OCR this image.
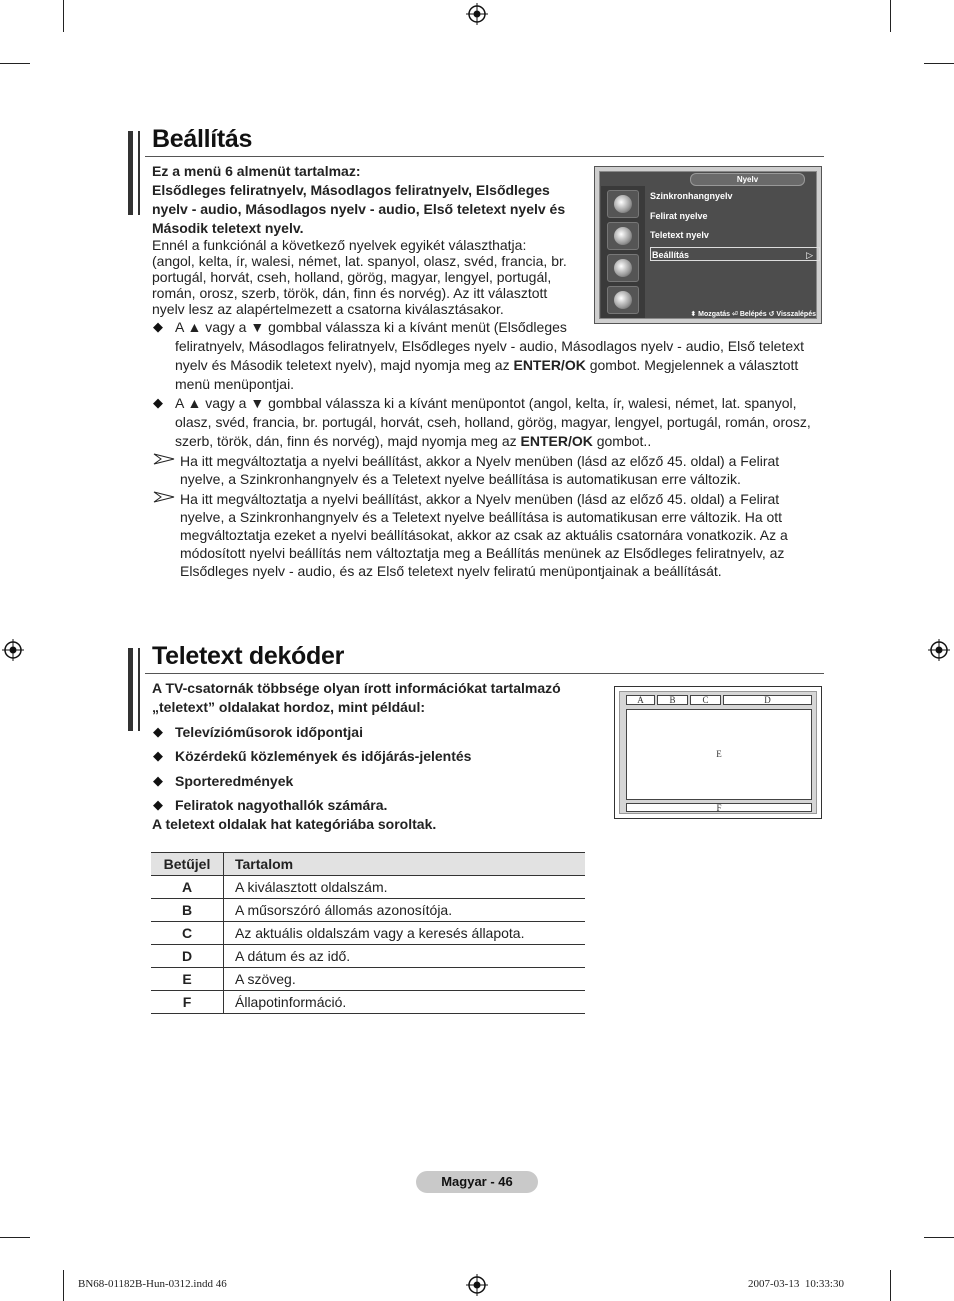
Beállítás
Ez a menü 6 almenüt tartalmaz:
Elsődleges feliratnyelv, Másodlagos feliratnyelv, Elsődleges
nyelv - audio, Másodlagos nyelv - audio, Első teletext nyelv és
Második teletext nyelv.
Ennél a funkciónál a következő nyelvek egyikét választhatja:
(angol, kelta, ír, walesi, német, lat. spanyol, olasz, svéd, francia, br.
portugál, horvát, cseh, holland, görög, magyar, lengyel, portugál,
román, orosz, szerb, török, dán, finn és norvég). Az itt választott
nyelv lesz az alapértelmezett a csatorna kiválasztásakor.
◆ A ▲ vagy a ▼ gombbal válassza ki a kívánt menüt (Elsődleges
feliratnyelv, Másodlagos feliratnyelv, Elsődleges nyelv - audio, Másodlagos nyelv - audio, Első teletext
nyelv és Második teletext nyelv), majd nyomja meg az ENTER/OK gombot. Megjelennek a választott
menü menüpontjai.
◆ A ▲ vagy a ▼ gombbal válassza ki a kívánt menüpontot (angol, kelta, ír, walesi, német, lat. spanyol,
olasz, svéd, francia, br. portugál, horvát, cseh, holland, görög, magyar, lengyel, portugál, román, orosz,
szerb, török, dán, finn és norvég), majd nyomja meg az ENTER/OK gombot..
Ha itt megváltoztatja a nyelvi beállítást, akkor a Nyelv menüben (lásd az előző 45. oldal) a Felirat
nyelve, a Szinkronhangnyelv és a Teletext nyelve beállítása is automatikusan erre változik.
Ha itt megváltoztatja a nyelvi beállítást, akkor a Nyelv menüben (lásd az előző 45. oldal) a Felirat
nyelve, a Szinkronhangnyelv és a Teletext nyelve beállítása is automatikusan erre változik. Ha ott
megváltoztatja ezeket a nyelvi beállításokat, akkor az csak az aktuális csatornára vonatkozik. Az a
módosított nyelvi beállítás nem változtatja meg a Beállítás menünek az Elsődleges feliratnyelv, az
Elsődleges nyelv - audio, és az Első teletext nyelv feliratú menüpontjainak a beállítását.
Nyelv
Szinkronhangnyelv
Felirat nyelve
Teletext nyelv
Beállítás	▷
⬍ Mozgatás ⏎ Belépés ↺ Visszalépés
Teletext dekóder
A TV-csatornák többsége olyan írott információkat tartalmazó
„teletext” oldalakat hordoz, mint például:
◆ Televízióműsorok időpontjai
◆ Közérdekű közlemények és időjárás-jelentés
◆ Sporteredmények
◆ Feliratok nagyothallók számára.
A teletext oldalak hat kategóriába soroltak.
A	B	C	D
E
F
Betűjel	Tartalom
A	A kiválasztott oldalszám.
B	A műsorszóró állomás azonosítója.
C	Az aktuális oldalszám vagy a keresés állapota.
D	A dátum és az idő.
E	A szöveg.
F	Állapotinformáció.
Magyar - 46
BN68-01182B-Hun-0312.indd 46	2007-03-13 ︎︎ 10:33:30
